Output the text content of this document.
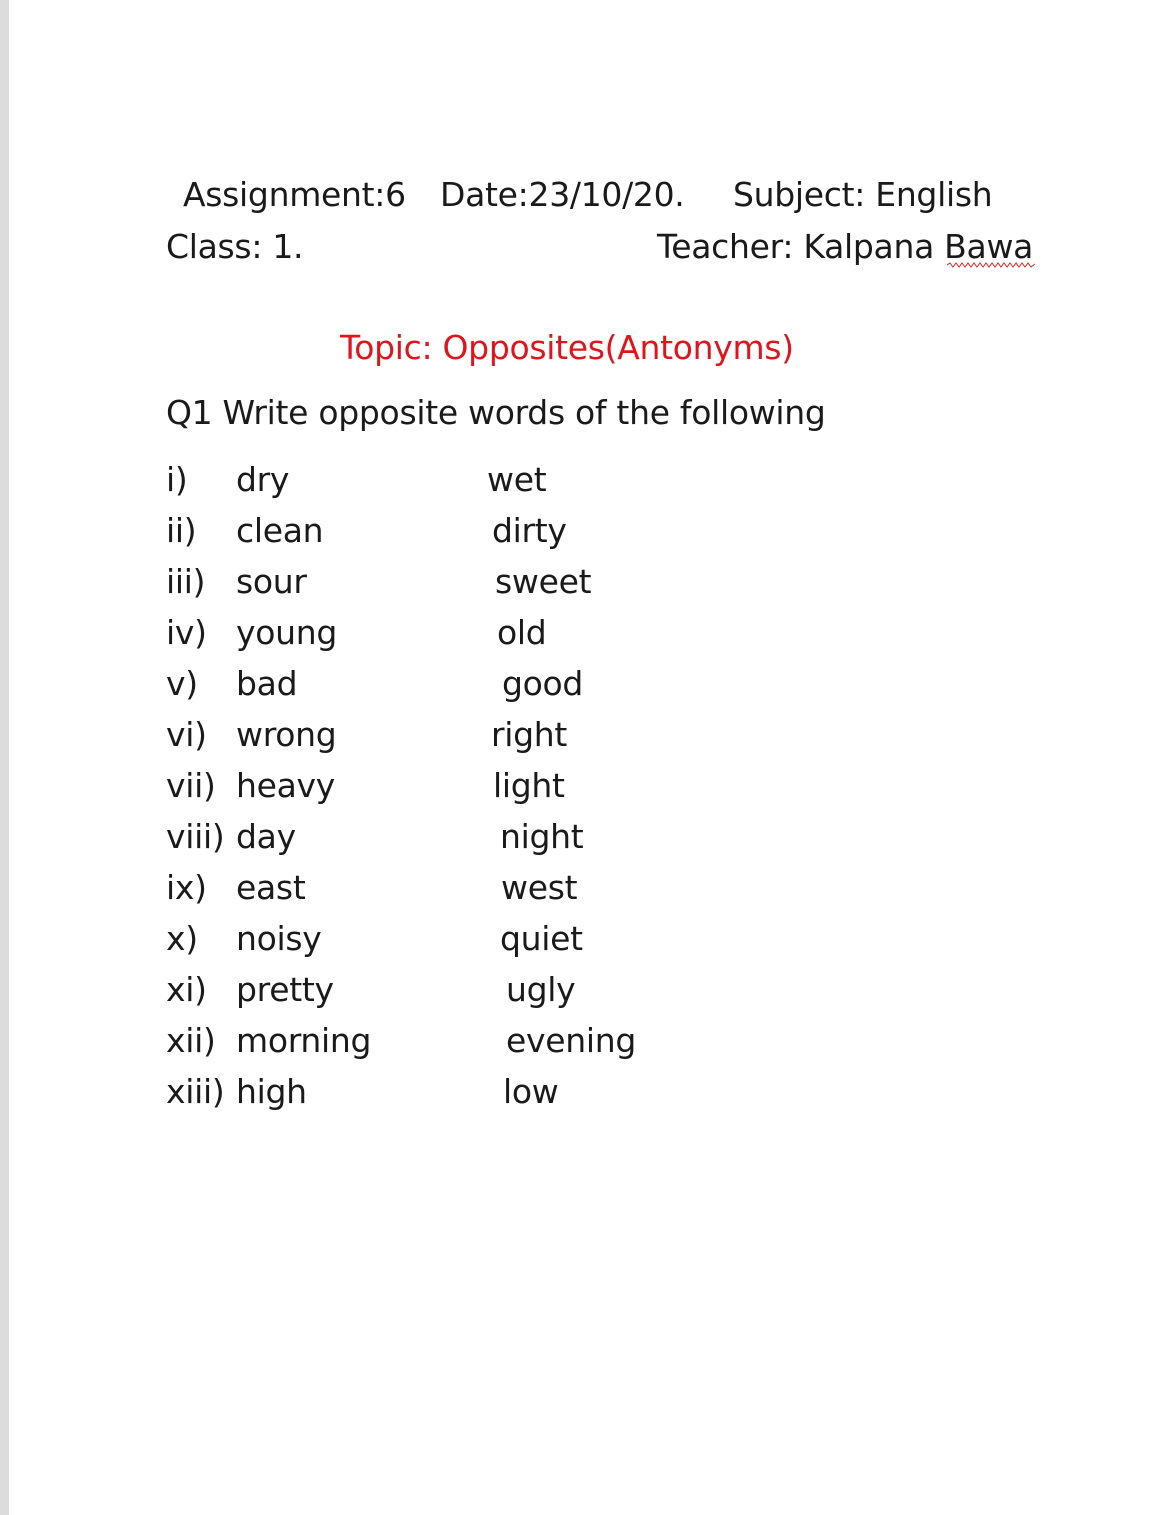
Assignment:6 Date:23/10/20. Subject: English
Class: 1.	Teacher: Kalpana Bawa
Topic: Opposites(Antonyms)
Q1 Write opposite words of the following
i) dry	wet
ii) clean	dirty
iii) sour	sweet
iv) young	old
v) bad	good
vi) wrong	right
vii) heavy	light
viii) day	night
ix) east	west
x) noisy	quiet
xi) pretty	ugly
xii) morning	evening
xiii) high	low
